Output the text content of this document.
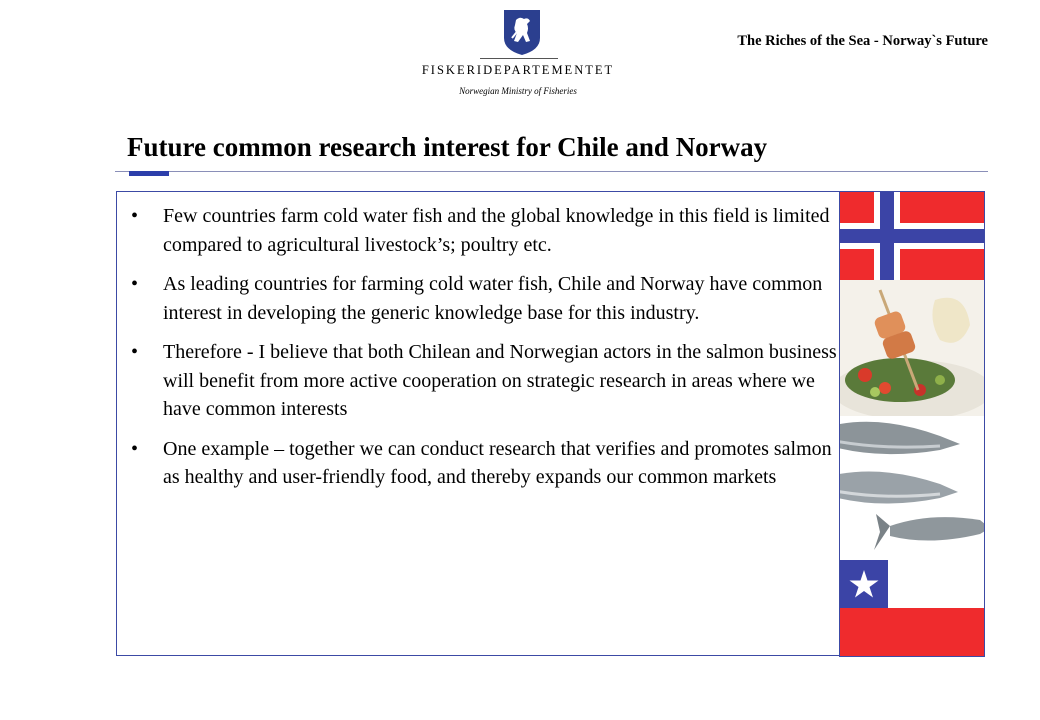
FISKERIDEPARTEMENTET
Norwegian Ministry of Fisheries
The Riches of the Sea - Norway`s Future
Future common research interest for Chile and Norway
• Few countries farm cold water fish and the global knowledge in this field is limited compared to agricultural livestock’s; poultry etc.
• As leading countries for farming cold water fish, Chile and Norway have common interest in developing the generic knowledge base for this industry.
• Therefore - I believe that both Chilean and Norwegian actors in the salmon business will benefit from more active cooperation on strategic research in areas where we have common interests
• One example – together we can conduct research that verifies and promotes salmon as healthy and user-friendly food, and thereby expands our common markets
